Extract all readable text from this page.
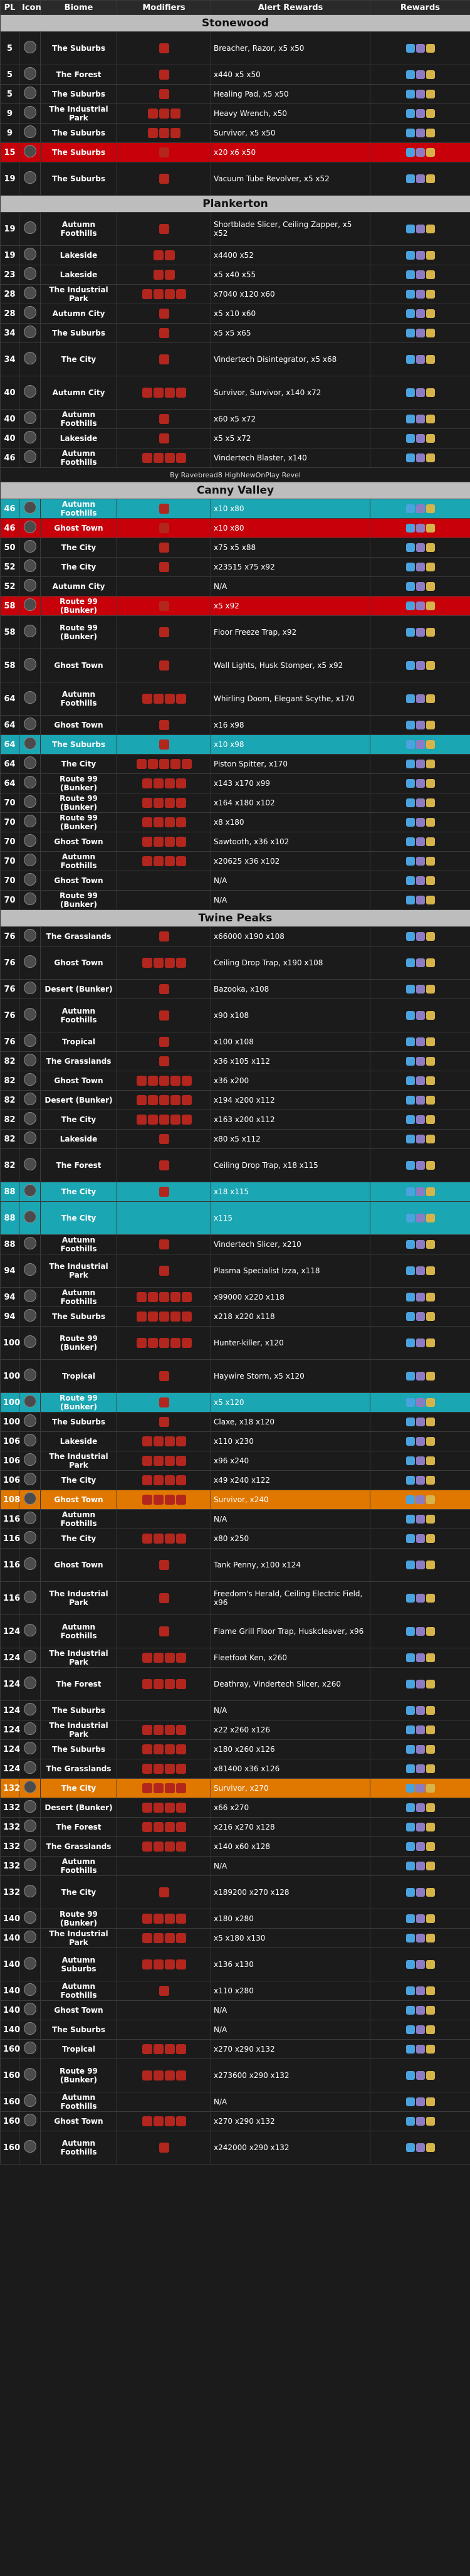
PL	Icon	Biome	Modifiers	Alert Rewards	Rewards
Stonewood					
5		The Suburbs		Breacher, Razor, x5 x50	
5		The Forest		x440 x5 x50	
5		The Suburbs		Healing Pad, x5 x50	
9		The Industrial Park		Heavy Wrench, x50	
9		The Suburbs		Survivor, x5 x50	
15		The Suburbs		x20 x6 x50	
19		The Suburbs		Vacuum Tube Revolver, x5 x52	
Plankerton					
19		Autumn Foothills		Shortblade Slicer, Ceiling Zapper, x5 x52	
19		Lakeside		x4400 x52	
23		Lakeside		x5 x40 x55	
28		The Industrial Park		x7040 x120 x60	
28		Autumn City		x5 x10 x60	
34		The Suburbs		x5 x5 x65	
34		The City		Vindertech Disintegrator, x5 x68	
40		Autumn City		Survivor, Survivor, x140 x72	
40		Autumn Foothills		x60 x5 x72	
40		Lakeside		x5 x5 x72	
46		Autumn Foothills		Vindertech Blaster, x140	
By Ravebread8 HighNewOnPlay Revel					
Canny Valley					
46		Autumn Foothills		x10 x80	
46		Ghost Town		x10 x80	
50		The City		x75 x5 x88	
52		The City		x23515 x75 x92	
52		Autumn City		N/A	
58		Route 99 (Bunker)		x5 x92	
58		Route 99 (Bunker)		Floor Freeze Trap, x92	
58		Ghost Town		Wall Lights, Husk Stomper, x5 x92	
64		Autumn Foothills		Whirling Doom, Elegant Scythe, x170	
64		Ghost Town		x16 x98	
64		The Suburbs		x10 x98	
64		The City		Piston Spitter, x170	
64		Route 99 (Bunker)		x143 x170 x99	
70		Route 99 (Bunker)		x164 x180 x102	
70		Route 99 (Bunker)		x8 x180	
70		Ghost Town		Sawtooth, x36 x102	
70		Autumn Foothills		x20625 x36 x102	
70		Ghost Town		N/A	
70		Route 99 (Bunker)		N/A	
Twine Peaks					
76		The Grasslands		x66000 x190 x108	
76		Ghost Town		Ceiling Drop Trap, x190 x108	
76		Desert (Bunker)		Bazooka, x108	
76		Autumn Foothills		x90 x108	
76		Tropical		x100 x108	
82		The Grasslands		x36 x105 x112	
82		Ghost Town		x36 x200	
82		Desert (Bunker)		x194 x200 x112	
82		The City		x163 x200 x112	
82		Lakeside		x80 x5 x112	
82		The Forest		Ceiling Drop Trap, x18 x115	
88		The City		x18 x115	
88		The City		x115	
88		Autumn Foothills		Vindertech Slicer, x210	
94		The Industrial Park		Plasma Specialist Izza, x118	
94		Autumn Foothills		x99000 x220 x118	
94		The Suburbs		x218 x220 x118	
100		Route 99 (Bunker)		Hunter-killer, x120	
100		Tropical		Haywire Storm, x5 x120	
100		Route 99 (Bunker)		x5 x120	
100		The Suburbs		Claxe, x18 x120	
106		Lakeside		x110 x230	
106		The Industrial Park		x96 x240	
106		The City		x49 x240 x122	
108		Ghost Town		Survivor, x240	
116		Autumn Foothills		N/A	
116		The City		x80 x250	
116		Ghost Town		Tank Penny, x100 x124	
116		The Industrial Park		Freedom's Herald, Ceiling Electric Field, x96	
124		Autumn Foothills		Flame Grill Floor Trap, Huskcleaver, x96	
124		The Industrial Park		Fleetfoot Ken, x260	
124		The Forest		Deathray, Vindertech Slicer, x260	
124		The Suburbs		N/A	
124		The Industrial Park		x22 x260 x126	
124		The Suburbs		x180 x260 x126	
124		The Grasslands		x81400 x36 x126	
132		The City		Survivor, x270	
132		Desert (Bunker)		x66 x270	
132		The Forest		x216 x270 x128	
132		The Grasslands		x140 x60 x128	
132		Autumn Foothills		N/A	
132		The City		x189200 x270 x128	
140		Route 99 (Bunker)		x180 x280	
140		The Industrial Park		x5 x180 x130	
140		Autumn Suburbs		x136 x130	
140		Autumn Foothills		x110 x280	
140		Ghost Town		N/A	
140		The Suburbs		N/A	
160		Tropical		x270 x290 x132	
160		Route 99 (Bunker)		x273600 x290 x132	
160		Autumn Foothills		N/A	
160		Ghost Town		x270 x290 x132	
160		Autumn Foothills		x242000 x290 x132	
